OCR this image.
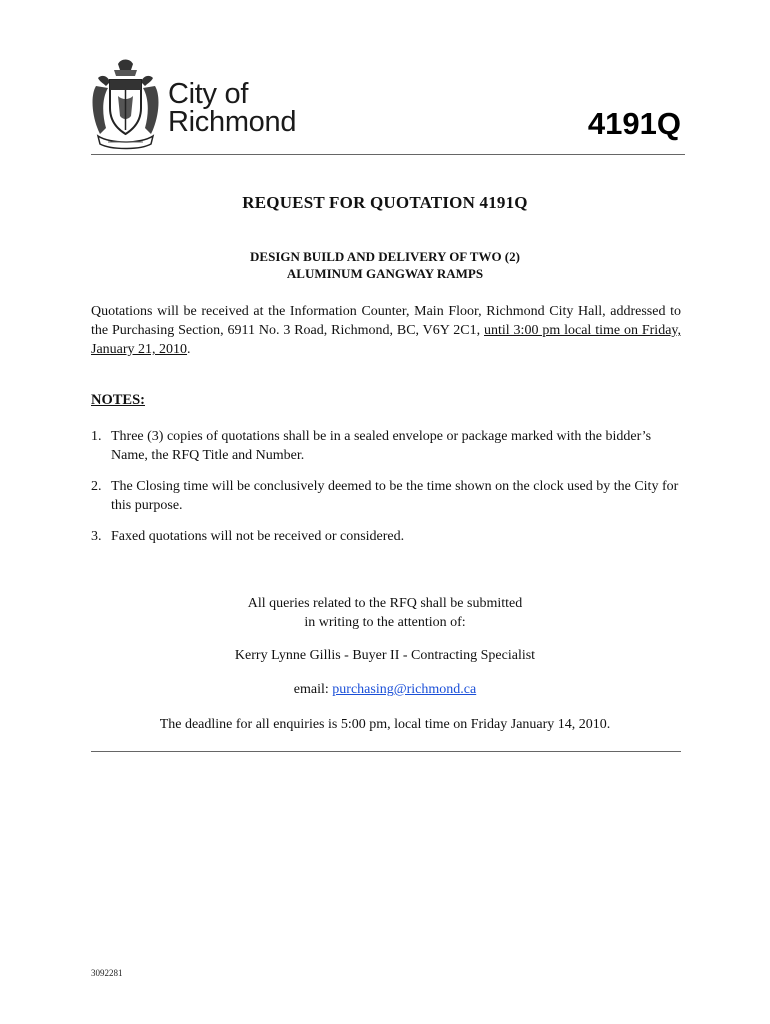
City of
Richmond	4191Q
REQUEST FOR QUOTATION 4191Q
DESIGN BUILD AND DELIVERY OF TWO (2)
ALUMINUM GANGWAY RAMPS
Quotations will be received at the Information Counter, Main Floor, Richmond City Hall, addressed to the Purchasing Section, 6911 No. 3 Road, Richmond, BC, V6Y 2C1, until 3:00 pm local time on Friday, January 21, 2010.
NOTES:
1. Three (3) copies of quotations shall be in a sealed envelope or package marked with the bidder’s Name, the RFQ Title and Number.
2. The Closing time will be conclusively deemed to be the time shown on the clock used by the City for this purpose.
3. Faxed quotations will not be received or considered.
All queries related to the RFQ shall be submitted
in writing to the attention of:
Kerry Lynne Gillis - Buyer II - Contracting Specialist
email: purchasing@richmond.ca
The deadline for all enquiries is 5:00 pm, local time on Friday January 14, 2010.
3092281
